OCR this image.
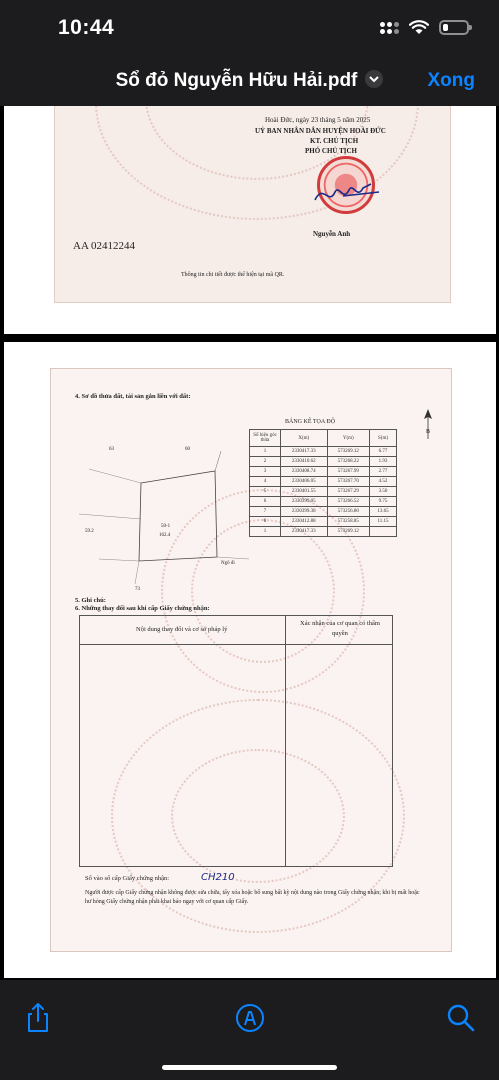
10:44
Sổ đỏ Nguyễn Hữu Hải.pdf	Xong
Hoài Đức, ngày 23 tháng 5 năm 2025
UỶ BAN NHÂN DÂN HUYỆN HOÀI ĐỨC
KT. CHỦ TỊCH
PHÓ CHỦ TỊCH
Nguyễn Anh
AA 02412244
Thông tin chi tiết được thể hiện tại mã QR.
4. Sơ đồ thửa đất, tài sản gắn liền với đất:
63	60
59.2
73
50-1
162.4
Ngõ đi
BẢNG KÊ TỌA ĐỘ
Số hiệu góc thửa	X(m)	Y(m)	S(m)
1	2330417.33	573269.12	6.77
2	2330410.62	573268.22	1.93
3	2330408.74	573267.99	2.77
4	2330406.05	573267.70	4.52
5	2330401.55	573267.29	3.50
6	2330399.05	573266.52	9.75
7	2330399.38	573256.80	13.65
8	2330412.88	573258.85	11.15
1	2330417.33	573269.12	
B
5. Ghi chú:
6. Những thay đổi sau khi cấp Giấy chứng nhận:
Nội dung thay đổi và cơ sở pháp lý
Xác nhận của cơ quan có thẩm quyền
Số vào sổ cấp Giấy chứng nhận:	CH210
Người được cấp Giấy chứng nhận không được sửa chữa, tẩy xóa hoặc bổ sung bất kỳ nội dung nào trong Giấy chứng nhận; khi bị mất hoặc hư hỏng Giấy chứng nhận phải khai báo ngay với cơ quan cấp Giấy.
